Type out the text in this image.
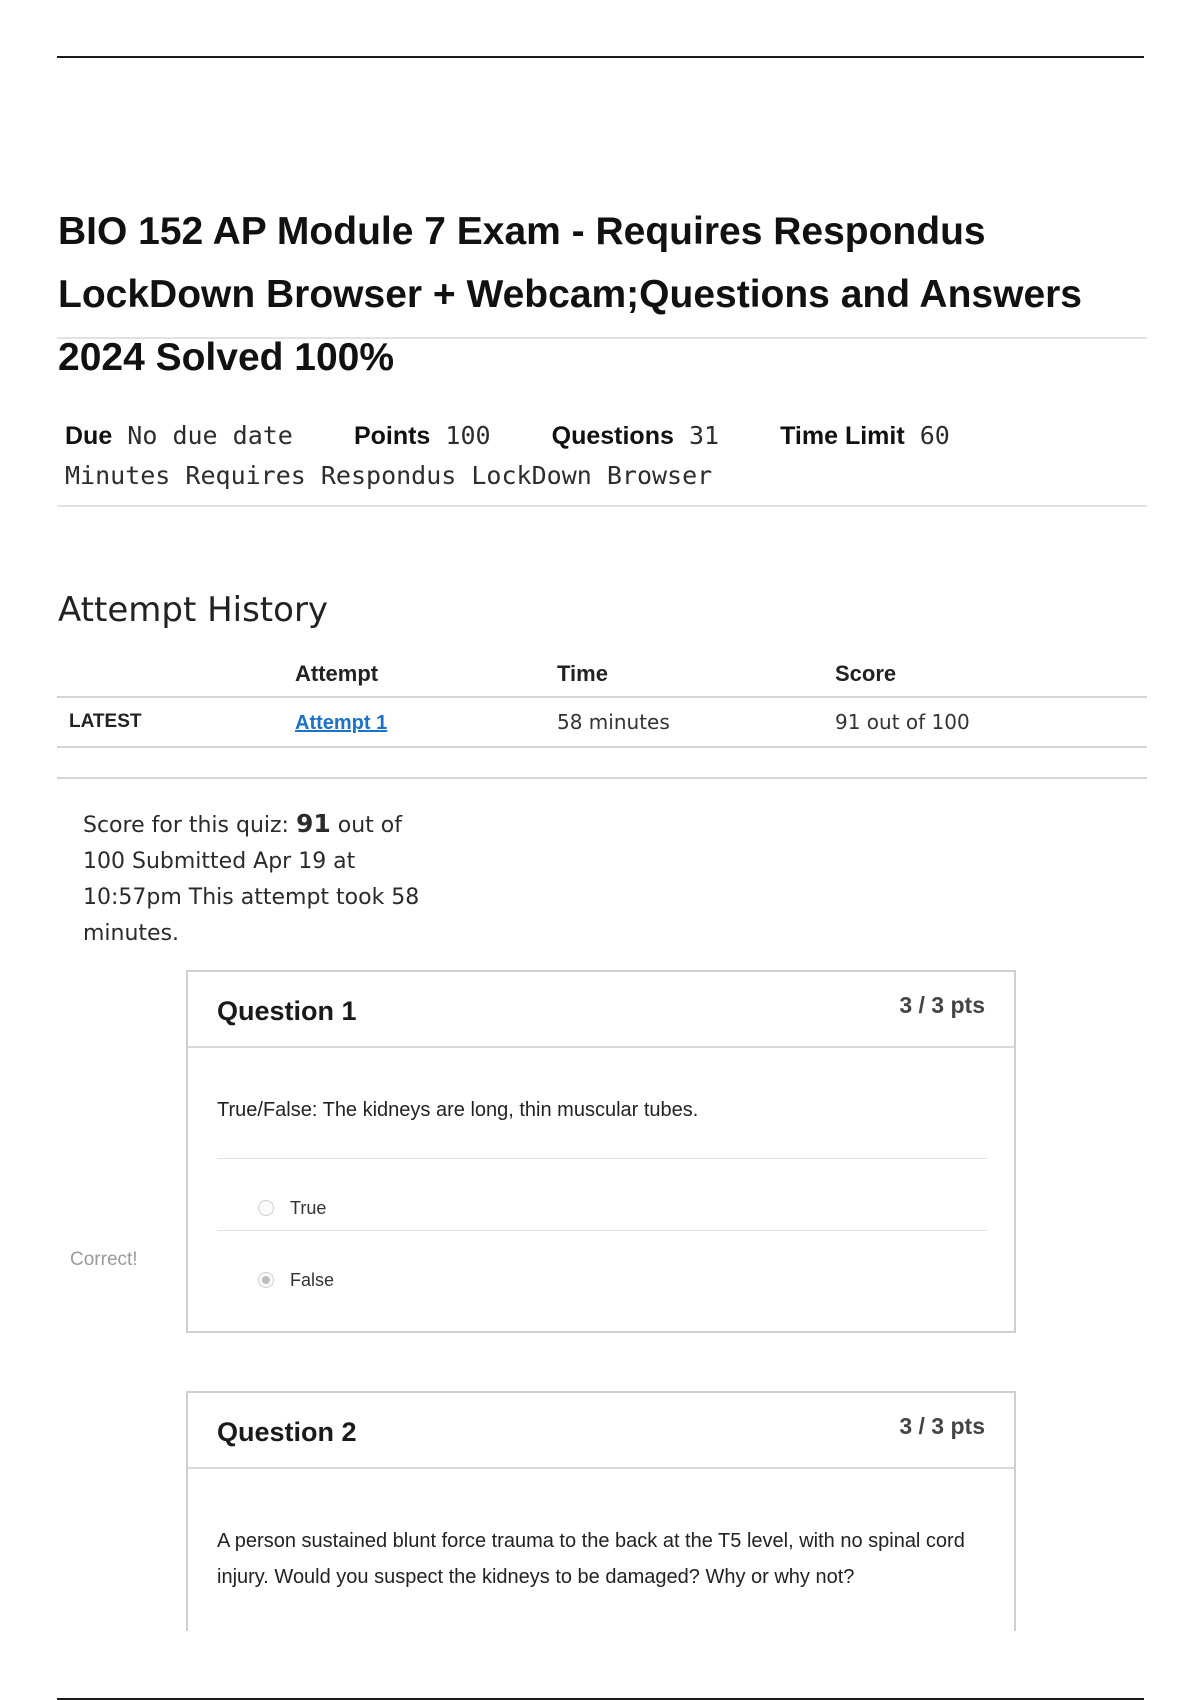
BIO 152 AP Module 7 Exam - Requires Respondus LockDown Browser + Webcam;Questions and Answers 2024 Solved 100%
Due No due date Points 100 Questions 31 Time Limit 60
Minutes Requires Respondus LockDown Browser
Attempt History
	Attempt	Time	Score
LATEST	Attempt 1	58 minutes	91 out of 100
Score for this quiz: 91 out of 100 Submitted Apr 19 at 10:57pm This attempt took 58 minutes.
Question 1	3 / 3 pts
True/False: The kidneys are long, thin muscular tubes.
True
False
Correct!
Question 2	3 / 3 pts
A person sustained blunt force trauma to the back at the T5 level, with no spinal cord injury. Would you suspect the kidneys to be damaged? Why or why not?
